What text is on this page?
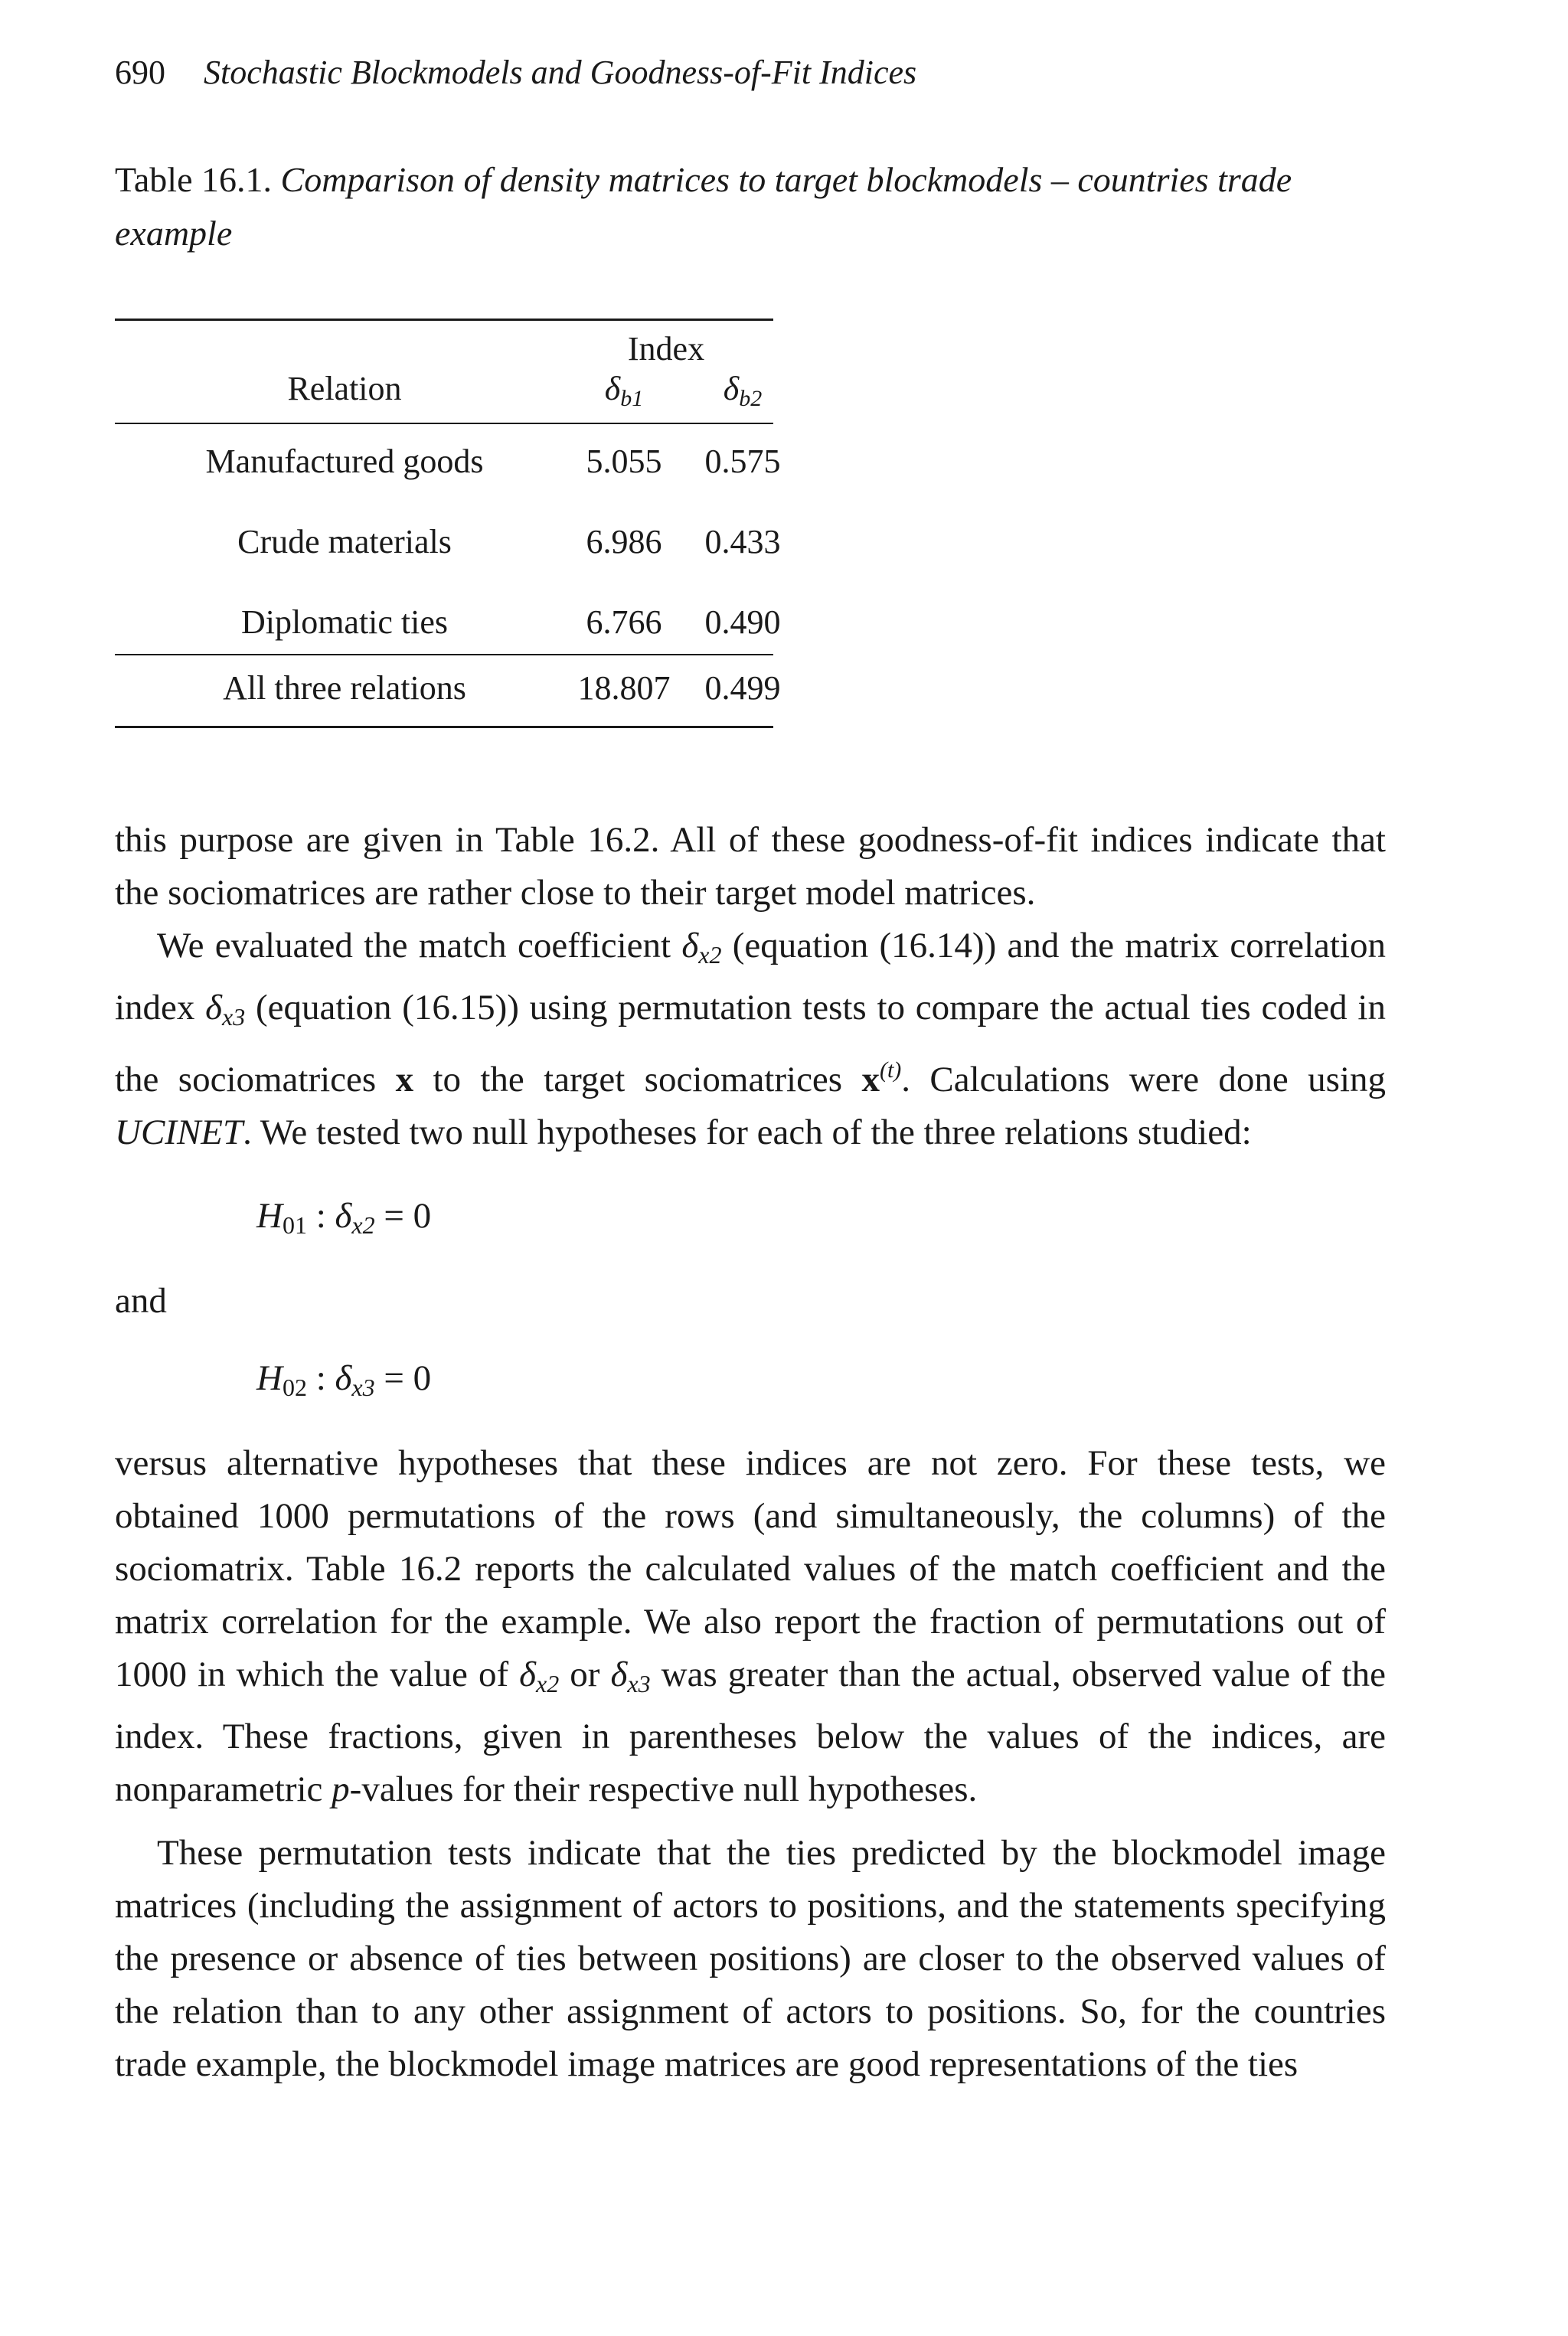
690 Stochastic Blockmodels and Goodness-of-Fit Indices
Table 16.1. Comparison of density matrices to target blockmodels – countries trade example
Index
Relation	$\delta_{b1}$	$\delta_{b2}$
Manufactured goods	5.055	0.575
Crude materials	6.986	0.433
Diplomatic ties	6.766	0.490
All three relations	18.807	0.499

this purpose are given in Table 16.2. All of these goodness-of-fit indices indicate that the sociomatrices are rather close to their target model matrices.

We evaluated the match coefficient $\delta_{x2}$ (equation (16.14)) and the matrix correlation index $\delta_{x3}$ (equation (16.15)) using permutation tests to compare the actual ties coded in the sociomatrices x to the target sociomatrices $x^{(t)}$. Calculations were done using UCINET. We tested two null hypotheses for each of the three relations studied:

$H_{01}$ : $\delta_{x2} = 0$
and
$H_{02}$ : $\delta_{x3} = 0$

versus alternative hypotheses that these indices are not zero. For these tests, we obtained 1000 permutations of the rows (and simultaneously, the columns) of the sociomatrix. Table 16.2 reports the calculated values of the match coefficient and the matrix correlation for the example. We also report the fraction of permutations out of 1000 in which the value of $\delta_{x2}$ or $\delta_{x3}$ was greater than the actual, observed value of the index. These fractions, given in parentheses below the values of the indices, are nonparametric p-values for their respective null hypotheses.

These permutation tests indicate that the ties predicted by the blockmodel image matrices (including the assignment of actors to positions, and the statements specifying the presence or absence of ties between positions) are closer to the observed values of the relation than to any other assignment of actors to positions. So, for the countries trade example, the blockmodel image matrices are good representations of the ties
